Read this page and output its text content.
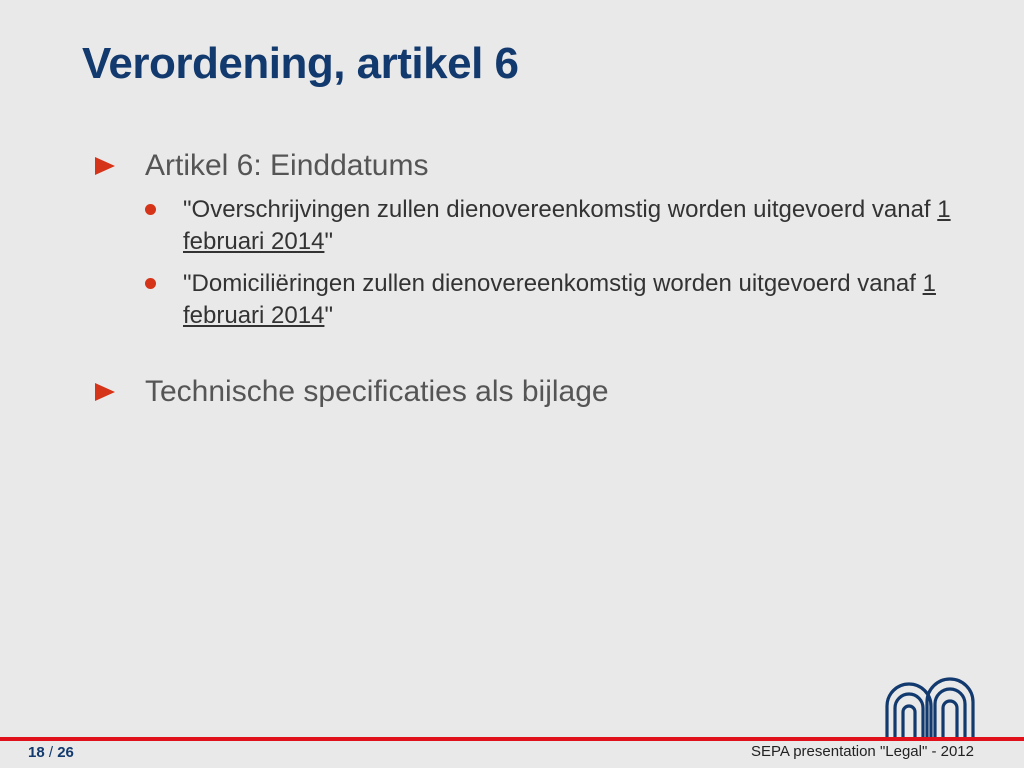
Verordening, artikel 6
Artikel 6: Einddatums
"Overschrijvingen zullen dienovereenkomstig worden uitgevoerd vanaf 1 februari 2014"
"Domiciliëringen zullen dienovereenkomstig worden uitgevoerd vanaf 1 februari 2014"
Technische specificaties als bijlage
18 / 26	SEPA presentation "Legal" - 2012
